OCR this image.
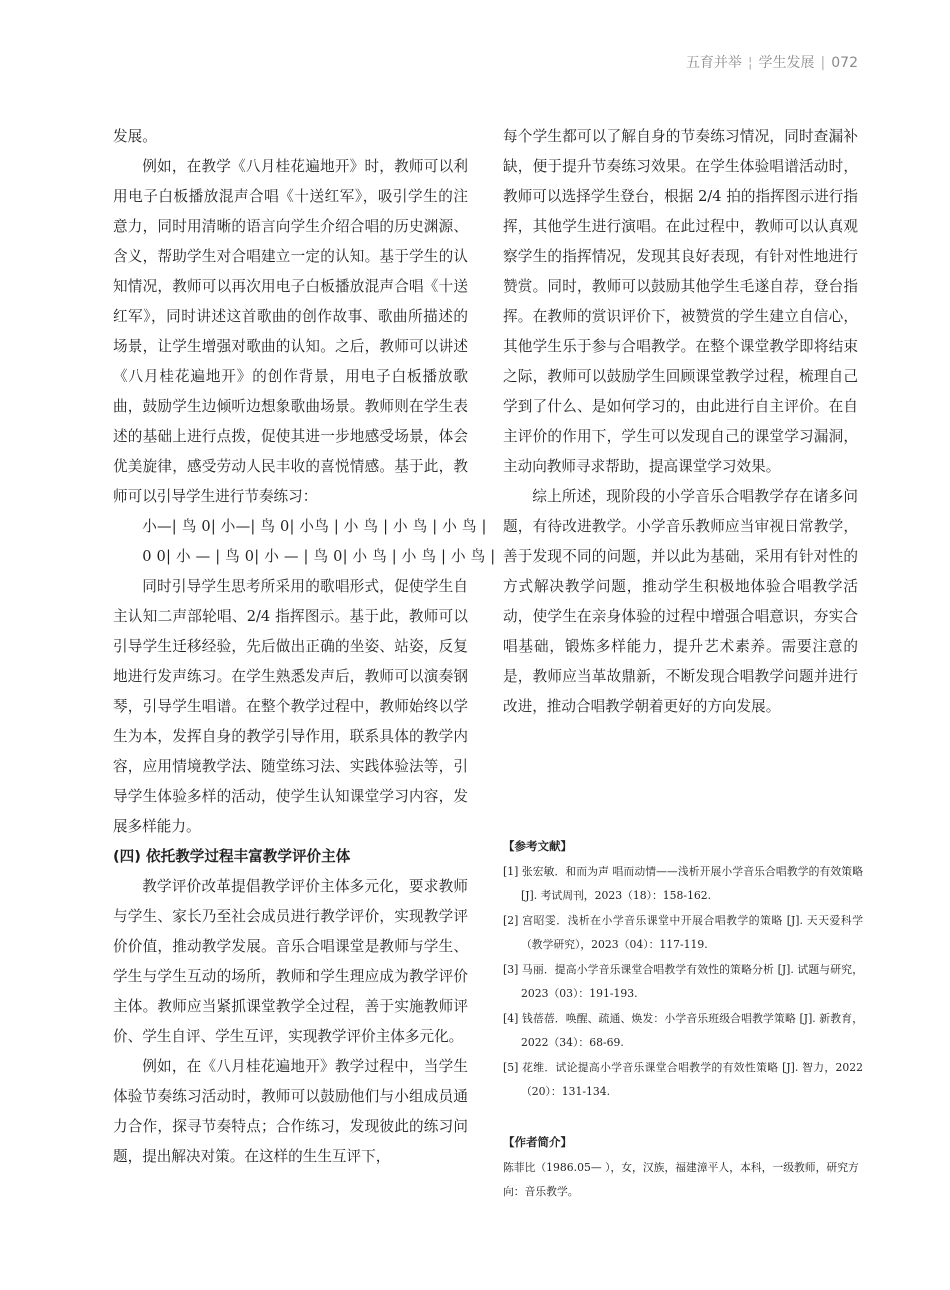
五育并举 ¦ 学生发展 | 072

发展。

例如，在教学《八月桂花遍地开》时，教师可以利用电子白板播放混声合唱《十送红军》，吸引学生的注意力，同时用清晰的语言向学生介绍合唱的历史渊源、含义，帮助学生对合唱建立一定的认知。基于学生的认知情况，教师可以再次用电子白板播放混声合唱《十送红军》，同时讲述这首歌曲的创作故事、歌曲所描述的场景，让学生增强对歌曲的认知。之后，教师可以讲述《八月桂花遍地开》的创作背景，用电子白板播放歌曲，鼓励学生边倾听边想象歌曲场景。教师则在学生表述的基础上进行点拨，促使其进一步地感受场景，体会优美旋律，感受劳动人民丰收的喜悦情感。基于此，教师可以引导学生进行节奏练习：

小—| 鸟 0| 小—| 鸟 0| 小鸟 | 小 鸟 | 小 鸟 | 小 鸟 |

0 0| 小 — | 鸟 0| 小 — | 鸟 0| 小 鸟 | 小 鸟 | 小 鸟 |

同时引导学生思考所采用的歌唱形式，促使学生自主认知二声部轮唱、2/4 指挥图示。基于此，教师可以引导学生迁移经验，先后做出正确的坐姿、站姿，反复地进行发声练习。在学生熟悉发声后，教师可以演奏钢琴，引导学生唱谱。在整个教学过程中，教师始终以学生为本，发挥自身的教学引导作用，联系具体的教学内容，应用情境教学法、随堂练习法、实践体验法等，引导学生体验多样的活动，使学生认知课堂学习内容，发展多样能力。

(四) 依托教学过程丰富教学评价主体

教学评价改革提倡教学评价主体多元化，要求教师与学生、家长乃至社会成员进行教学评价，实现教学评价价值，推动教学发展。音乐合唱课堂是教师与学生、学生与学生互动的场所，教师和学生理应成为教学评价主体。教师应当紧抓课堂教学全过程，善于实施教师评价、学生自评、学生互评，实现教学评价主体多元化。

例如，在《八月桂花遍地开》教学过程中，当学生体验节奏练习活动时，教师可以鼓励他们与小组成员通力合作，探寻节奏特点；合作练习，发现彼此的练习问题，提出解决对策。在这样的生生互评下，

每个学生都可以了解自身的节奏练习情况，同时查漏补缺，便于提升节奏练习效果。在学生体验唱谱活动时，教师可以选择学生登台，根据 2/4 拍的指挥图示进行指挥，其他学生进行演唱。在此过程中，教师可以认真观察学生的指挥情况，发现其良好表现，有针对性地进行赞赏。同时，教师可以鼓励其他学生毛遂自荐，登台指挥。在教师的赏识评价下，被赞赏的学生建立自信心，其他学生乐于参与合唱教学。在整个课堂教学即将结束之际，教师可以鼓励学生回顾课堂教学过程，梳理自己学到了什么、是如何学习的，由此进行自主评价。在自主评价的作用下，学生可以发现自己的课堂学习漏洞，主动向教师寻求帮助，提高课堂学习效果。

综上所述，现阶段的小学音乐合唱教学存在诸多问题，有待改进教学。小学音乐教师应当审视日常教学，善于发现不同的问题，并以此为基础，采用有针对性的方式解决教学问题，推动学生积极地体验合唱教学活动，使学生在亲身体验的过程中增强合唱意识，夯实合唱基础，锻炼多样能力，提升艺术素养。需要注意的是，教师应当革故鼎新，不断发现合唱教学问题并进行改进，推动合唱教学朝着更好的方向发展。

【参考文献】

[1] 张宏敏．和而为声 唱而动情——浅析开展小学音乐合唱教学的有效策略 [J]. 考试周刊，2023（18）：158-162.

[2] 宫昭雯．浅析在小学音乐课堂中开展合唱教学的策略 [J]. 天天爱科学（教学研究），2023（04）：117-119.

[3] 马丽．提高小学音乐课堂合唱教学有效性的策略分析 [J]. 试题与研究，2023（03）：191-193.

[4] 钱蓓蓓．唤醒、疏通、焕发：小学音乐班级合唱教学策略 [J]. 新教育，2022（34）：68-69.

[5] 花维．试论提高小学音乐课堂合唱教学的有效性策略 [J]. 智力，2022（20）：131-134.

【作者简介】
陈菲比（1986.05— ），女，汉族，福建漳平人，本科，一级教师，研究方向：音乐教学。
